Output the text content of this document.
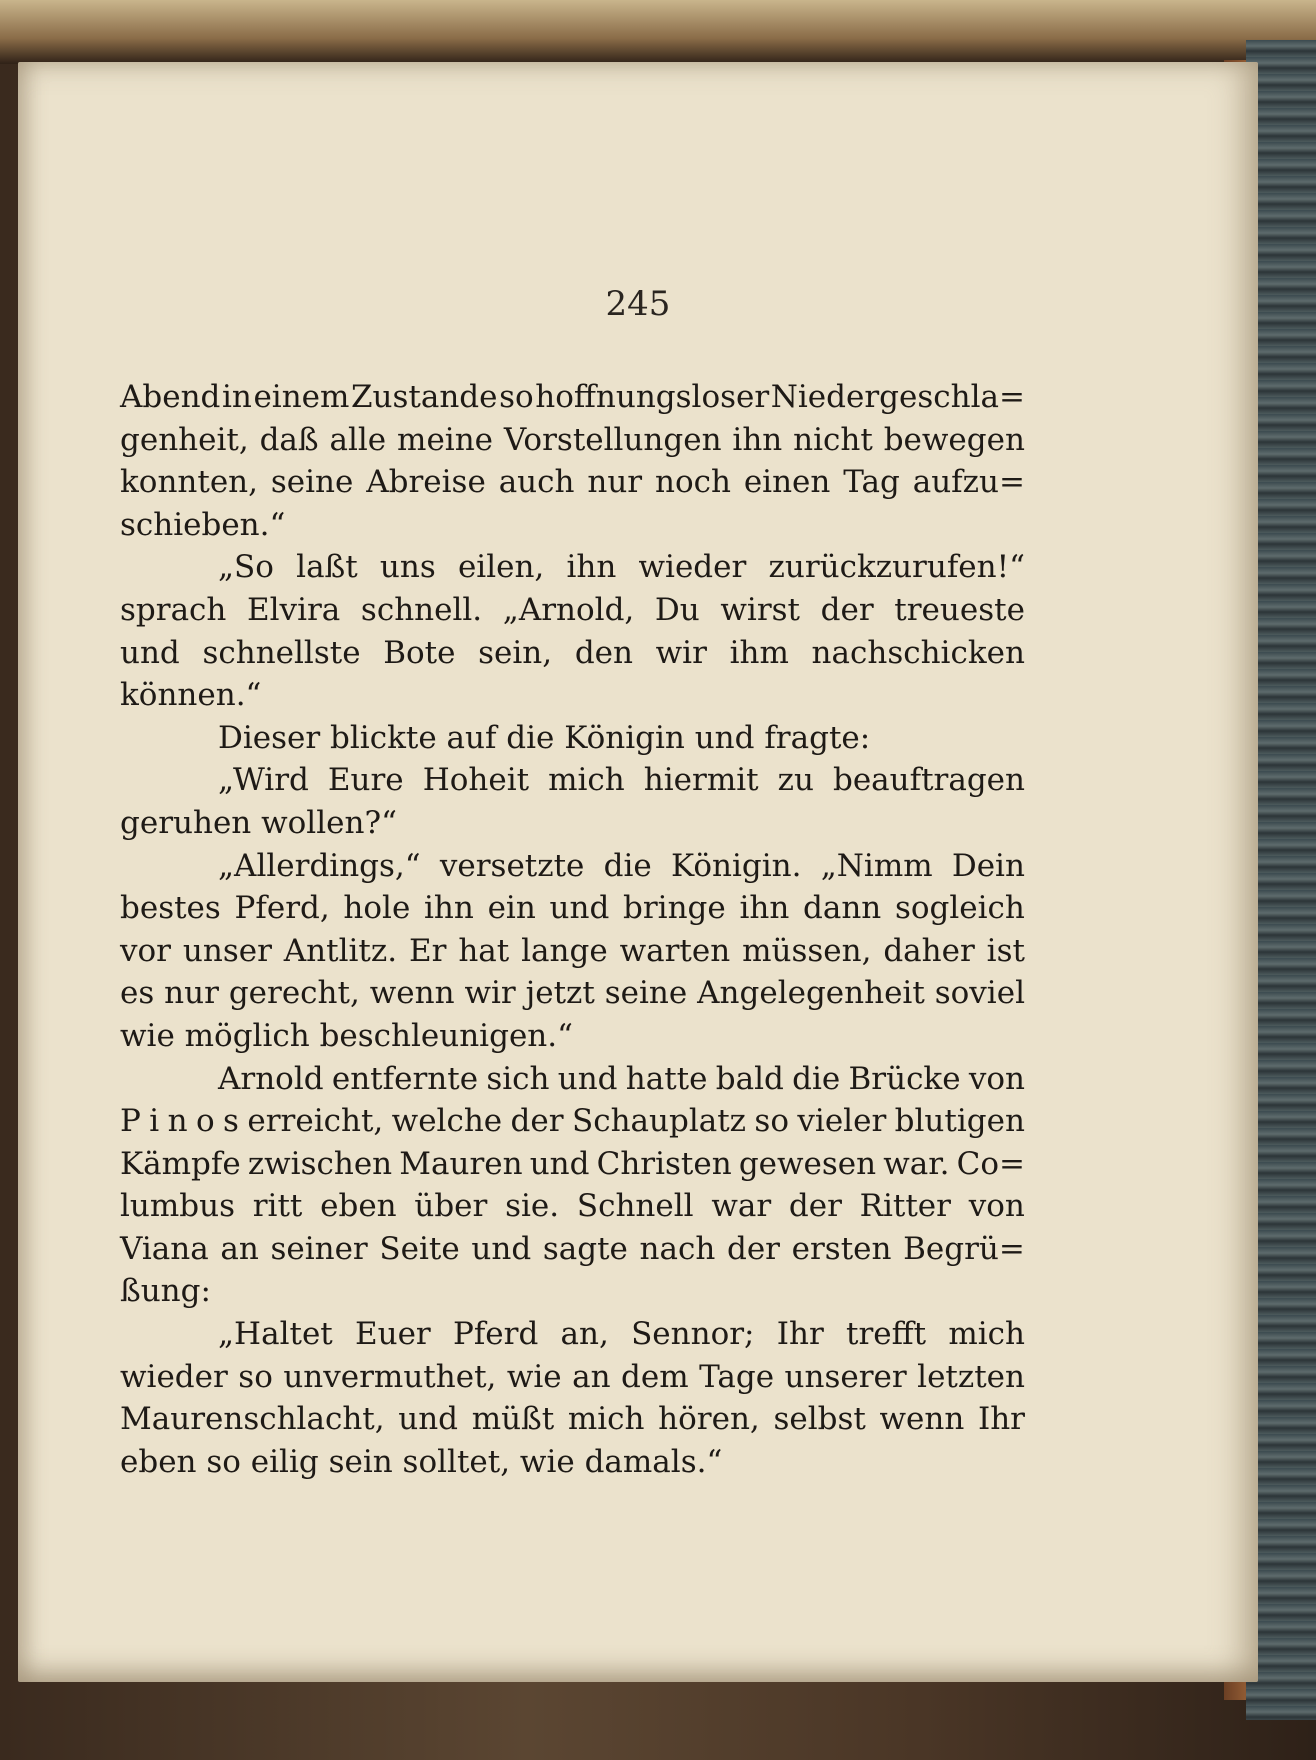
245
Abend in einem Zustande so hoffnungsloser Niedergeschla=
genheit, daß alle meine Vorstellungen ihn nicht bewegen
konnten, seine Abreise auch nur noch einen Tag aufzu=
schieben.“
„So laßt uns eilen, ihn wieder zurückzurufen!“
sprach Elvira schnell. „Arnold, Du wirst der treueste
und schnellste Bote sein, den wir ihm nachschicken
können.“
Dieser blickte auf die Königin und fragte:
„Wird Eure Hoheit mich hiermit zu beauftragen
geruhen wollen?“
„Allerdings,“ versetzte die Königin. „Nimm Dein
bestes Pferd, hole ihn ein und bringe ihn dann sogleich
vor unser Antlitz. Er hat lange warten müssen, daher ist
es nur gerecht, wenn wir jetzt seine Angelegenheit soviel
wie möglich beschleunigen.“
Arnold entfernte sich und hatte bald die Brücke von
P i n o s erreicht, welche der Schauplatz so vieler blutigen
Kämpfe zwischen Mauren und Christen gewesen war. Co=
lumbus ritt eben über sie. Schnell war der Ritter von
Viana an seiner Seite und sagte nach der ersten Begrü=
ßung:
„Haltet Euer Pferd an, Sennor; Ihr trefft mich
wieder so unvermuthet, wie an dem Tage unserer letzten
Maurenschlacht, und müßt mich hören, selbst wenn Ihr
eben so eilig sein solltet, wie damals.“
